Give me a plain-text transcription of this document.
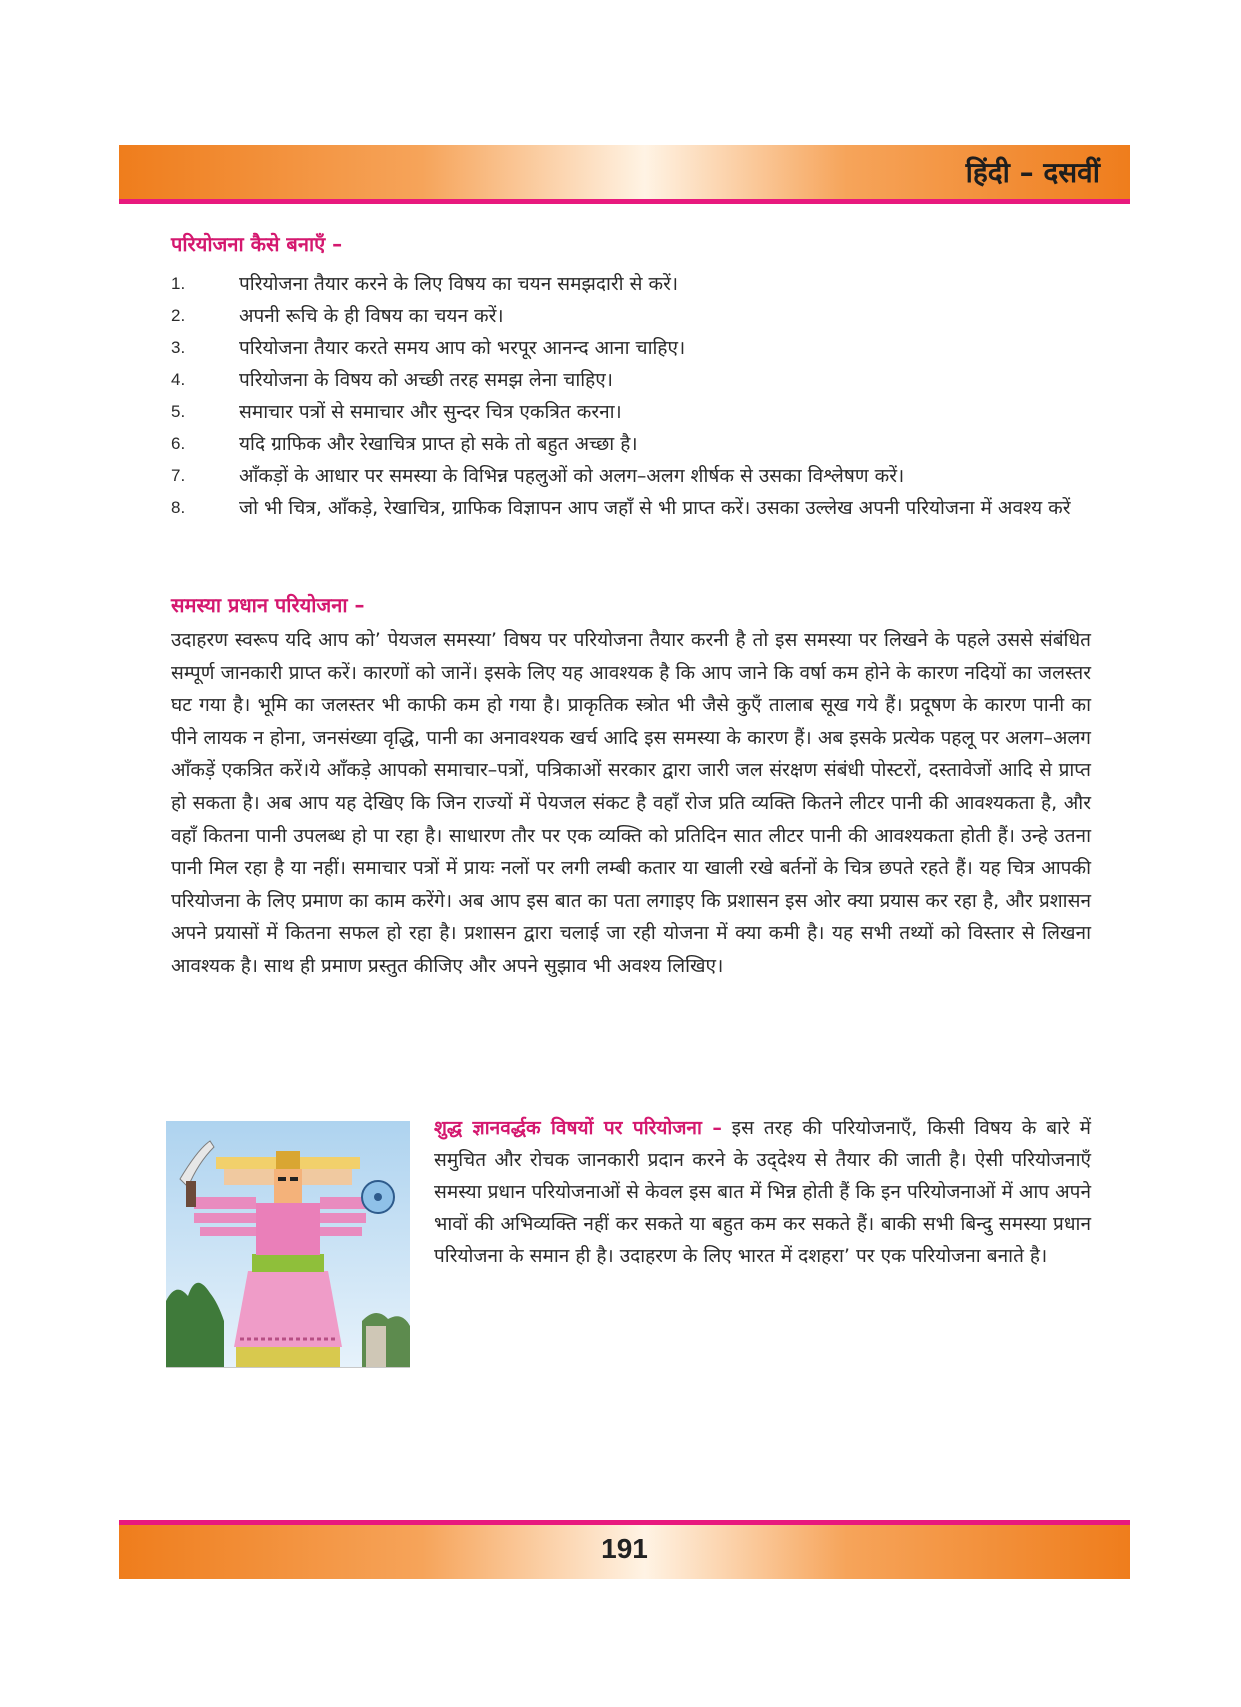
हिंदी – दसवीं
परियोजना कैसे बनाएँ –
1.	परियोजना तैयार करने के लिए विषय का चयन समझदारी से करें।
2.	अपनी रूचि के ही विषय का चयन करें।
3.	परियोजना तैयार करते समय आप को भरपूर आनन्द आना चाहिए।
4.	परियोजना के विषय को अच्छी तरह समझ लेना चाहिए।
5.	समाचार पत्रों से समाचार और सुन्दर चित्र एकत्रित करना।
6.	यदि ग्राफिक और रेखाचित्र प्राप्त हो सके तो बहुत अच्छा है।
7.	आँकड़ों के आधार पर समस्या के विभिन्न पहलुओं को अलग–अलग शीर्षक से उसका विश्लेषण करें।
8.	जो भी चित्र, आँकड़े, रेखाचित्र, ग्राफिक विज्ञापन आप जहाँ से भी प्राप्त करें। उसका उल्लेख अपनी परियोजना में अवश्य करें
समस्या प्रधान परियोजना –

उदाहरण स्वरूप यदि आप को’ पेयजल समस्या’ विषय पर परियोजना तैयार करनी है तो इस समस्या पर लिखने के पहले उससे संबंधित सम्पूर्ण जानकारी प्राप्त करें। कारणों को जानें। इसके लिए यह आवश्यक है कि आप जाने कि वर्षा कम होने के कारण नदियों का जलस्तर घट गया है। भूमि का जलस्तर भी काफी कम हो गया है। प्राकृतिक स्त्रोत भी जैसे कुएँ तालाब सूख गये हैं। प्रदूषण के कारण पानी का पीने लायक न होना, जनसंख्या वृद्धि, पानी का अनावश्यक खर्च आदि इस समस्या के कारण हैं। अब इसके प्रत्येक पहलू पर अलग–अलग आँकड़ें एकत्रित करें।ये आँकड़े आपको समाचार–पत्रों, पत्रिकाओं सरकार द्वारा जारी जल संरक्षण संबंधी पोस्टरों, दस्तावेजों आदि से प्राप्त हो सकता है। अब आप यह देखिए कि जिन राज्यों में पेयजल संकट है वहाँ रोज प्रति व्यक्ति कितने लीटर पानी की आवश्यकता है, और वहाँ कितना पानी उपलब्ध हो पा रहा है। साधारण तौर पर एक व्यक्ति को प्रतिदिन सात लीटर पानी की आवश्यकता होती हैं। उन्हे उतना पानी मिल रहा है या नहीं। समाचार पत्रों में प्रायः नलों पर लगी लम्बी कतार या खाली रखे बर्तनों के चित्र छपते रहते हैं। यह चित्र आपकी परियोजना के लिए प्रमाण का काम करेंगे। अब आप इस बात का पता लगाइए कि प्रशासन इस ओर क्या प्रयास कर रहा है, और प्रशासन अपने प्रयासों में कितना सफल हो रहा है। प्रशासन द्वारा चलाई जा रही योजना में क्या कमी है। यह सभी तथ्यों को विस्तार से लिखना आवश्यक है। साथ ही प्रमाण प्रस्तुत कीजिए और अपने सुझाव भी अवश्य लिखिए।

शुद्ध ज्ञानवर्द्धक विषयों पर परियोजना – इस तरह की परियोजनाएँ, किसी विषय के बारे में समुचित और रोचक जानकारी प्रदान करने के उद्‌देश्य से तैयार की जाती है। ऐसी परियोजनाएँ समस्या प्रधान परियोजनाओं से केवल इस बात में भिन्न होती हैं कि इन परियोजनाओं में आप अपने भावों की अभिव्यक्ति नहीं कर सकते या बहुत कम कर सकते हैं। बाकी सभी बिन्दु समस्या प्रधान परियोजना के समान ही है। उदाहरण के लिए भारत में दशहरा’ पर एक परियोजना बनाते है।

191
